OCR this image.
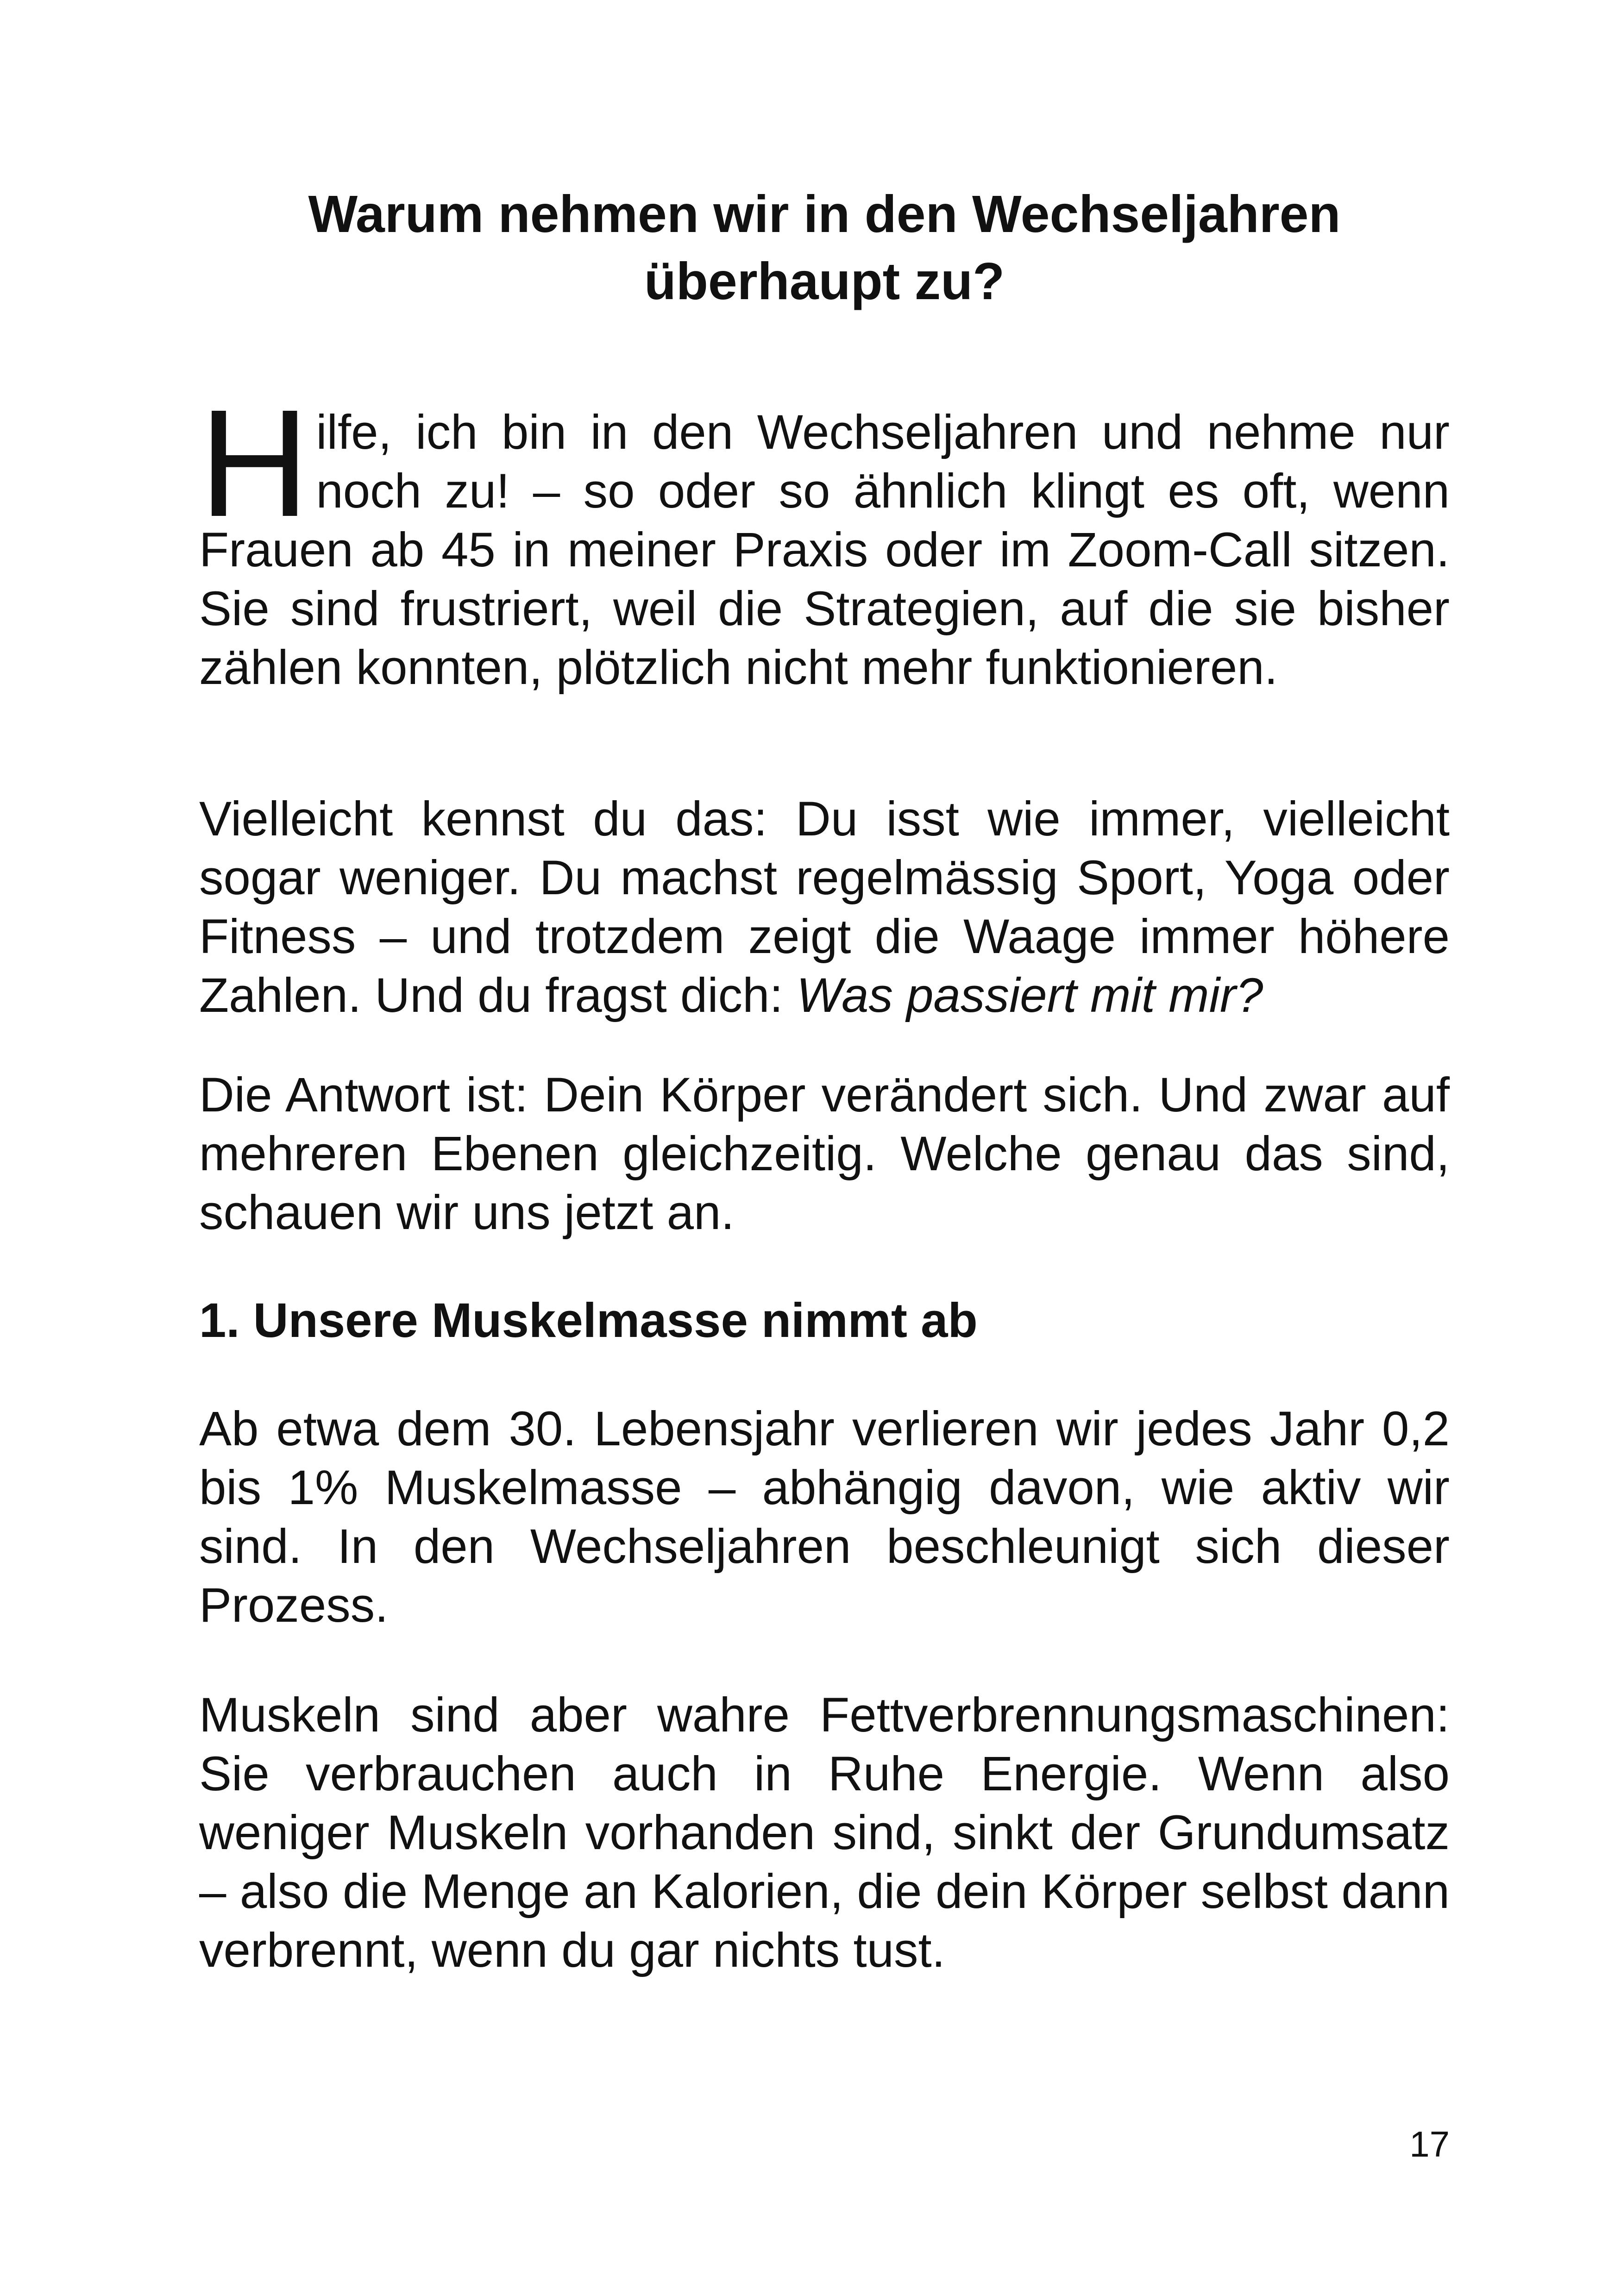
Warum nehmen wir in den Wechseljahren
überhaupt zu?

Hilfe, ich bin in den Wechseljahren und nehme nur noch zu! – so oder so ähnlich klingt es oft, wenn Frauen ab 45 in meiner Praxis oder im Zoom-Call sitzen. Sie sind frustriert, weil die Strategien, auf die sie bisher zählen konnten, plötzlich nicht mehr funktionieren.

Vielleicht kennst du das: Du isst wie immer, vielleicht sogar weniger. Du machst regelmässig Sport, Yoga oder Fitness – und trotzdem zeigt die Waage immer höhere Zahlen. Und du fragst dich: Was passiert mit mir?

Die Antwort ist: Dein Körper verändert sich. Und zwar auf mehreren Ebenen gleichzeitig. Welche genau das sind, schauen wir uns jetzt an.

1. Unsere Muskelmasse nimmt ab

Ab etwa dem 30. Lebensjahr verlieren wir jedes Jahr 0,2 bis 1% Muskelmasse – abhängig davon, wie aktiv wir sind. In den Wechseljahren beschleunigt sich dieser Prozess.

Muskeln sind aber wahre Fettverbrennungsmaschinen: Sie verbrauchen auch in Ruhe Energie. Wenn also weniger Muskeln vorhanden sind, sinkt der Grundumsatz – also die Menge an Kalorien, die dein Körper selbst dann verbrennt, wenn du gar nichts tust.

17
